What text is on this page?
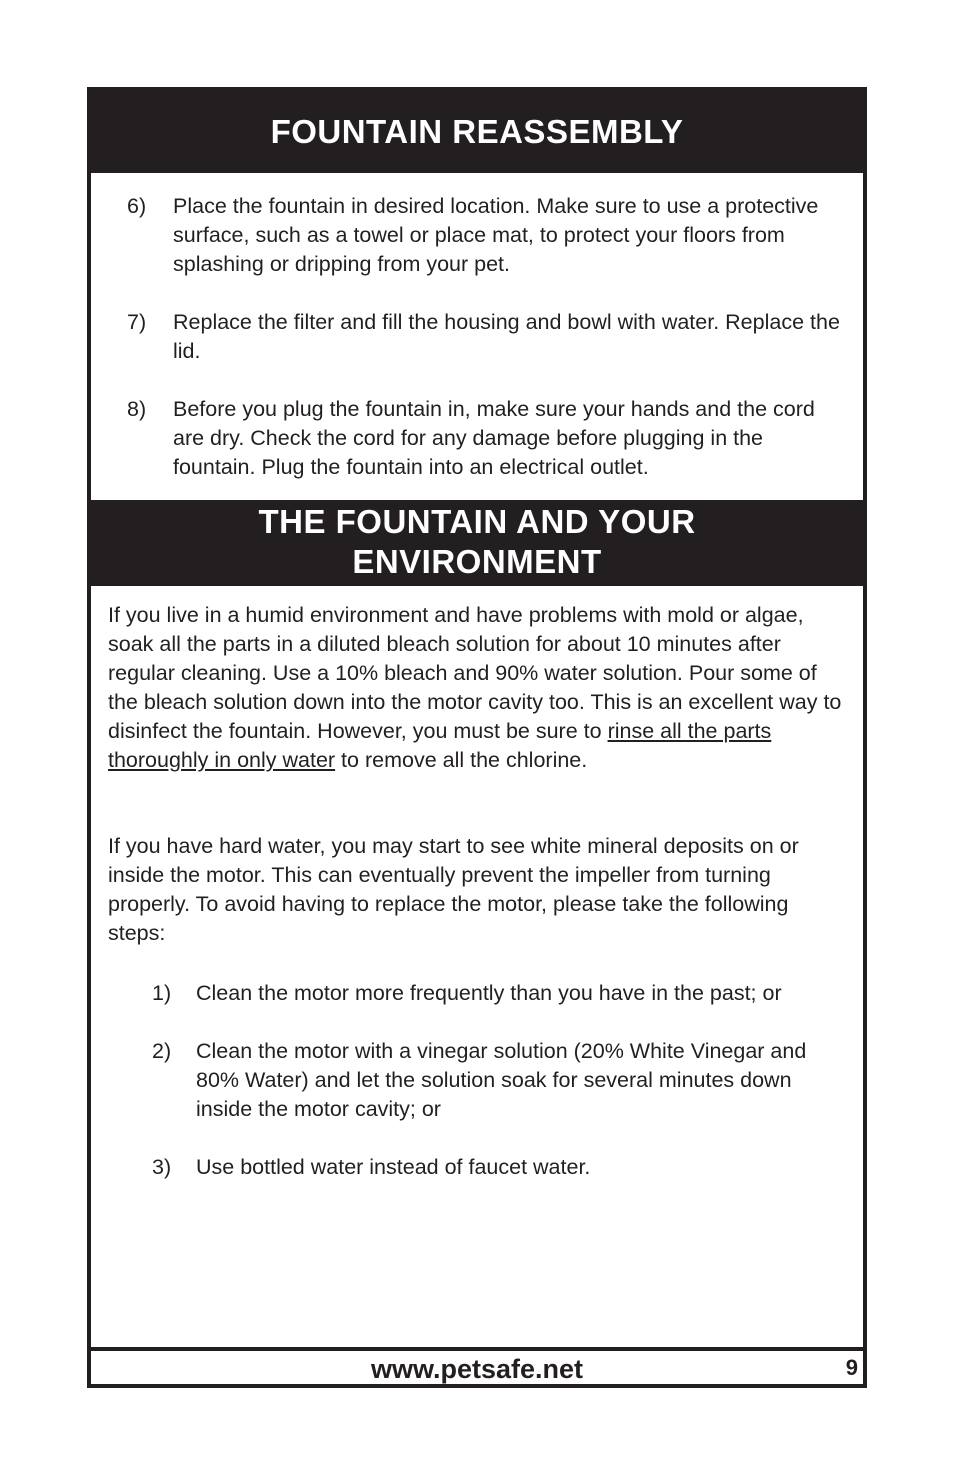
FOUNTAIN REASSEMBLY
6) Place the fountain in desired location. Make sure to use a protective surface, such as a towel or place mat, to protect your floors from splashing or dripping from your pet.
7) Replace the filter and fill the housing and bowl with water. Replace the lid.
8) Before you plug the fountain in, make sure your hands and the cord are dry. Check the cord for any damage before plugging in the fountain. Plug the fountain into an electrical outlet.
THE FOUNTAIN AND YOUR
ENVIRONMENT

If you live in a humid environment and have problems with mold or algae, soak all the parts in a diluted bleach solution for about 10 minutes after regular cleaning. Use a 10% bleach and 90% water solution. Pour some of the bleach solution down into the motor cavity too. This is an excellent way to disinfect the fountain. However, you must be sure to rinse all the parts thoroughly in only water to remove all the chlorine.

If you have hard water, you may start to see white mineral deposits on or inside the motor. This can eventually prevent the impeller from turning properly. To avoid having to replace the motor, please take the following steps:

1) Clean the motor more frequently than you have in the past; or
2) Clean the motor with a vinegar solution (20% White Vinegar and 80% Water) and let the solution soak for several minutes down inside the motor cavity; or
3) Use bottled water instead of faucet water.
www.petsafe.net	9
